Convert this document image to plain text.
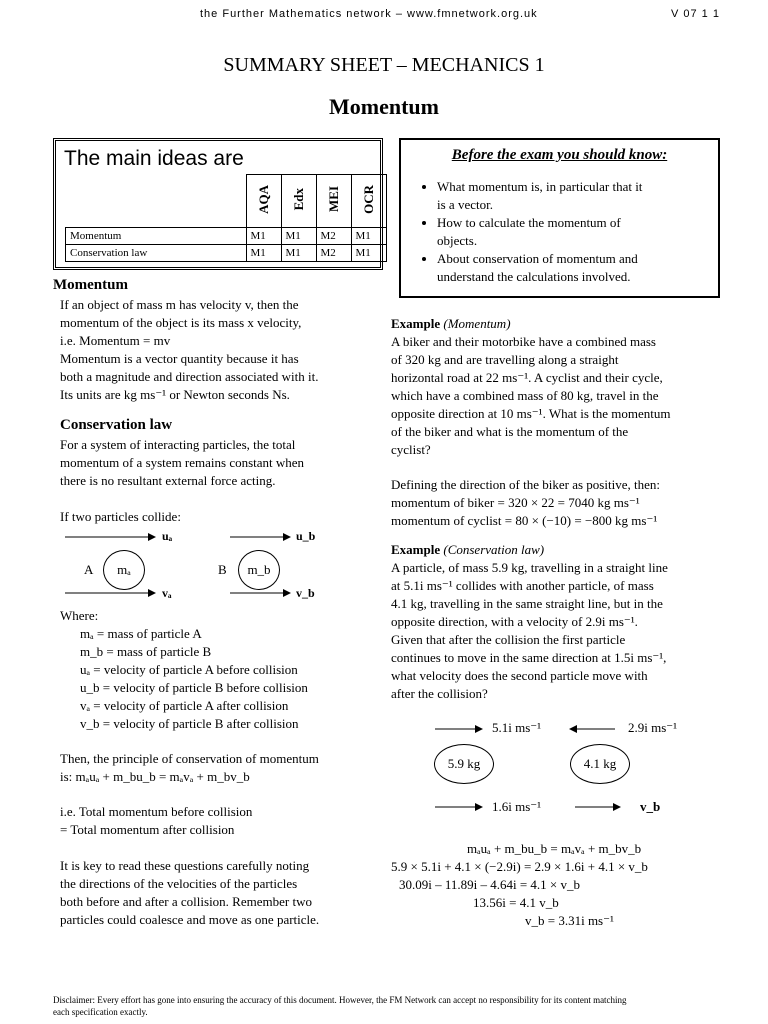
the Further Mathematics network – www.fmnetwork.org.uk	V 07 1 1
SUMMARY SHEET – MECHANICS 1
Momentum
The main ideas are
	AQA	Edx	MEI	OCR
Momentum	M1	M1	M2	M1
Conservation law	M1	M1	M2	M1
Before the exam you should know:
• What momentum is, in particular that it
is a vector.
• How to calculate the momentum of
objects.
• About conservation of momentum and
understand the calculations involved.
Momentum
If an object of mass m has velocity v, then the
momentum of the object is its mass x velocity,
i.e. Momentum = mv
Momentum is a vector quantity because it has
both a magnitude and direction associated with it.
Its units are kg ms⁻¹ or Newton seconds Ns.
Conservation law
For a system of interacting particles, the total
momentum of a system remains constant when
there is no resultant external force acting.
If two particles collide:
uₐ	u_b
vₐ	v_b
A	B
mₐ	m_b
Where:
mₐ = mass of particle A
m_b = mass of particle B
uₐ = velocity of particle A before collision
u_b = velocity of particle B before collision
vₐ = velocity of particle A after collision
v_b = velocity of particle B after collision
Then, the principle of conservation of momentum
is: mₐuₐ + m_bu_b = mₐvₐ + m_bv_b
i.e. Total momentum before collision
= Total momentum after collision
It is key to read these questions carefully noting
the directions of the velocities of the particles
both before and after a collision. Remember two
particles could coalesce and move as one particle.
Example (Momentum)
A biker and their motorbike have a combined mass
of 320 kg and are travelling along a straight
horizontal road at 22 ms⁻¹. A cyclist and their cycle,
which have a combined mass of 80 kg, travel in the
opposite direction at 10 ms⁻¹. What is the momentum
of the biker and what is the momentum of the
cyclist?
Defining the direction of the biker as positive, then:
momentum of biker = 320 × 22 = 7040 kg ms⁻¹
momentum of cyclist = 80 × (−10) = −800 kg ms⁻¹
Example (Conservation law)
A particle, of mass 5.9 kg, travelling in a straight line
at 5.1i ms⁻¹ collides with another particle, of mass
4.1 kg, travelling in the same straight line, but in the
opposite direction, with a velocity of 2.9i ms⁻¹.
Given that after the collision the first particle
continues to move in the same direction at 1.5i ms⁻¹,
what velocity does the second particle move with
after the collision?
5.1i ms⁻¹	2.9i ms⁻¹
5.9 kg	4.1 kg
1.6i ms⁻¹	v_b
mₐuₐ + m_bu_b = mₐvₐ + m_bv_b
5.9 × 5.1i + 4.1 × (−2.9i) = 2.9 × 1.6i + 4.1 × v_b
30.09i – 11.89i – 4.64i = 4.1 × v_b
13.56i = 4.1 v_b
v_b = 3.31i ms⁻¹
Disclaimer: Every effort has gone into ensuring the accuracy of this document. However, the FM Network can accept no responsibility for its content matching
each specification exactly.
